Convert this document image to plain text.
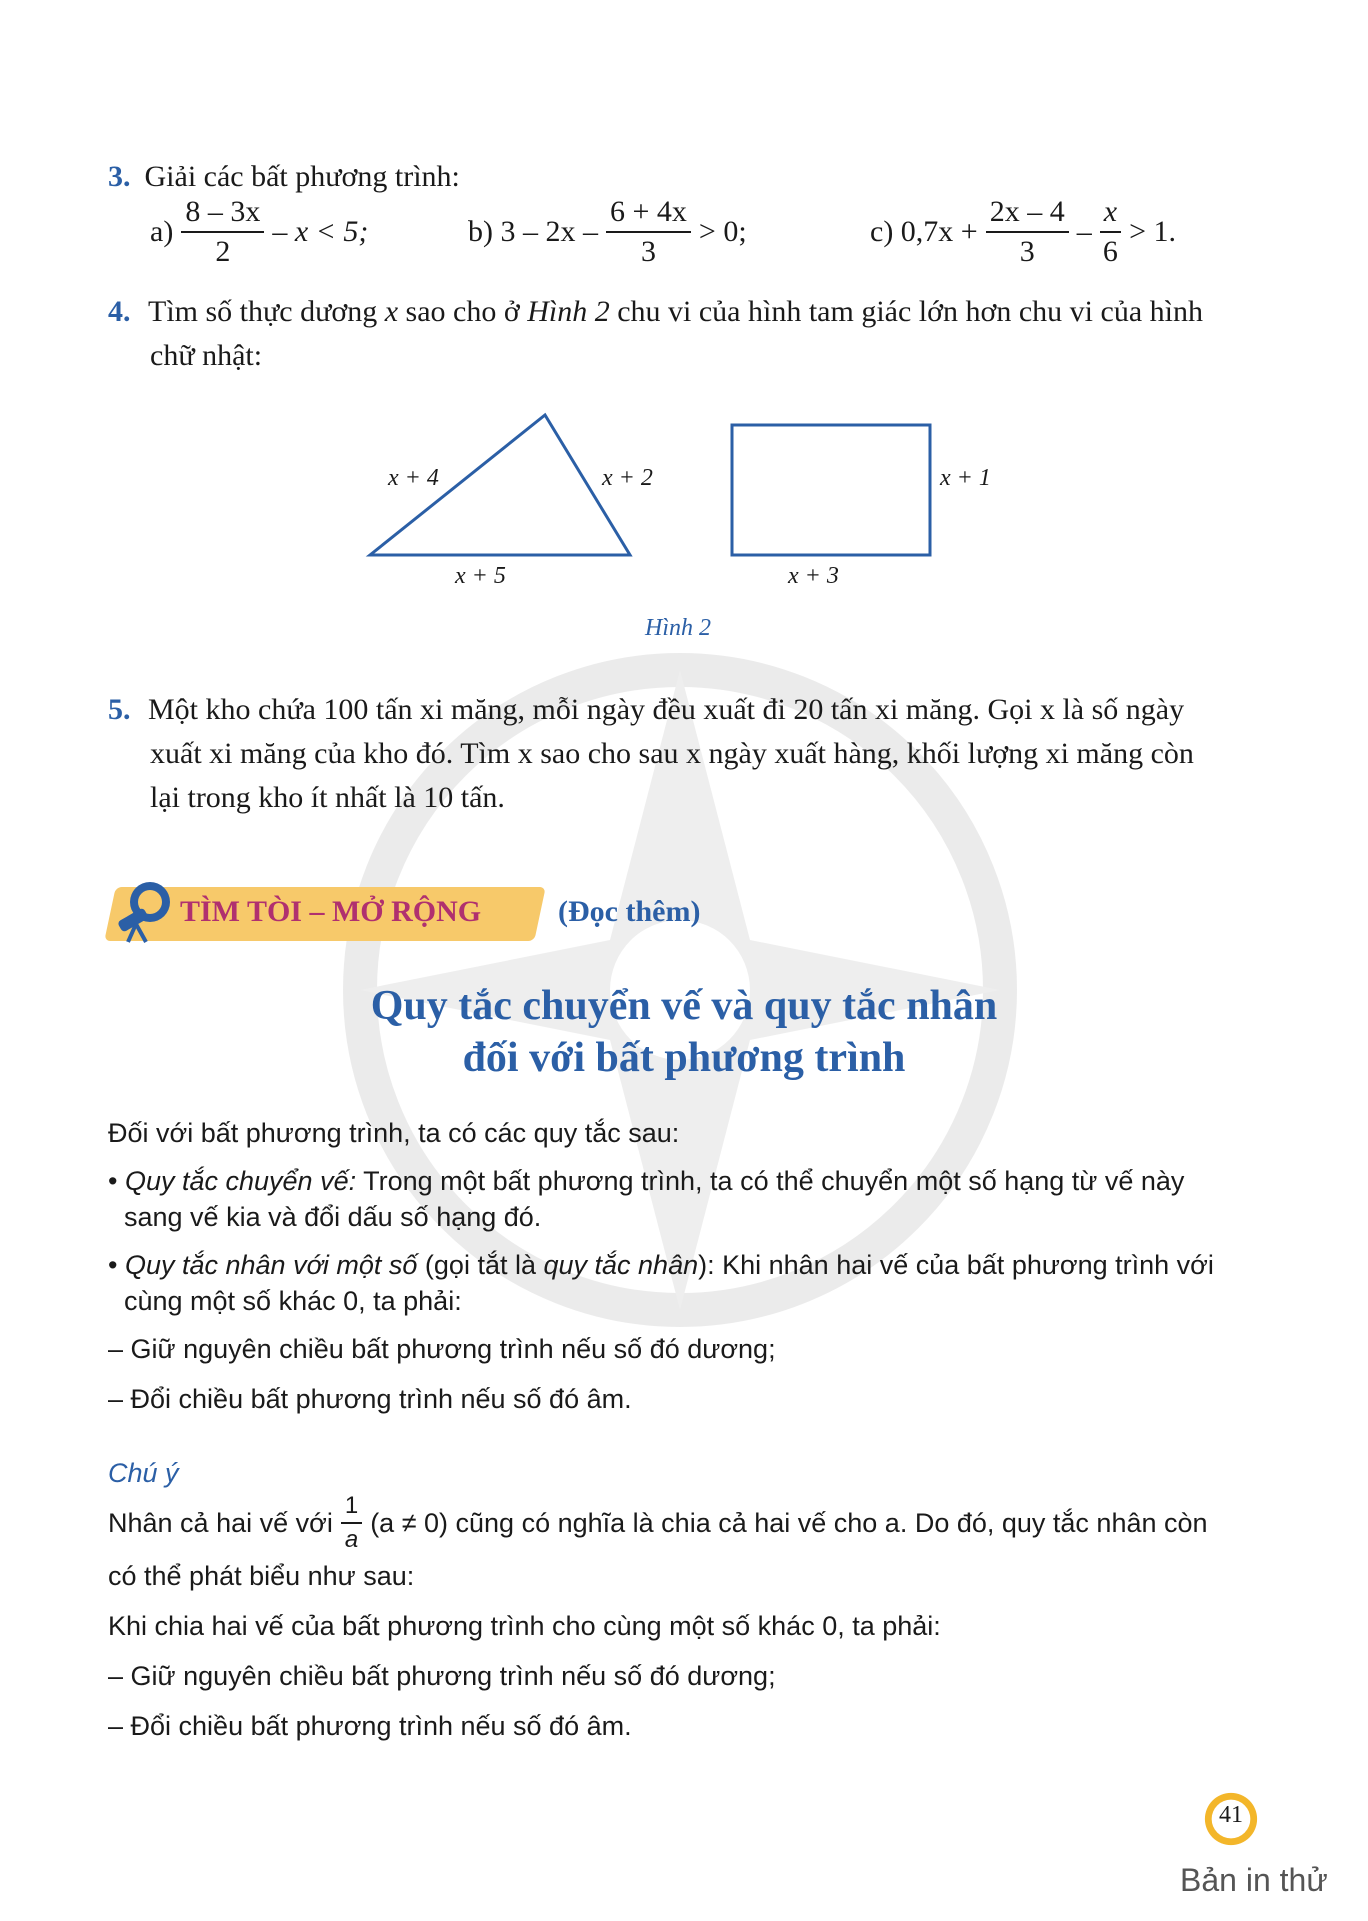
3. Giải các bất phương trình:
$a) \frac{8 - 3x}{2} - x < 5$;	b) $3 - 2x - \frac{6 + 4x}{3} > 0$;	c) $0,7x + \frac{2x - 4}{3} - \frac{x}{6} > 1$.
4. Tìm số thực dương x sao cho ở Hình 2 chu vi của hình tam giác lớn hơn chu vi của hình
chữ nhật:
x + 4	x + 2
x + 5
x + 1
x + 3
Hình 2
5. Một kho chứa 100 tấn xi măng, mỗi ngày đều xuất đi 20 tấn xi măng. Gọi x là số ngày
xuất xi măng của kho đó. Tìm x sao cho sau x ngày xuất hàng, khối lượng xi măng còn
lại trong kho ít nhất là 10 tấn.
TÌM TÒI – MỞ RỘNG	(Đọc thêm)
Quy tắc chuyển vế và quy tắc nhân
đối với bất phương trình
Đối với bất phương trình, ta có các quy tắc sau:
• Quy tắc chuyển vế: Trong một bất phương trình, ta có thể chuyển một số hạng từ vế này
sang vế kia và đổi dấu số hạng đó.
• Quy tắc nhân với một số (gọi tắt là quy tắc nhân): Khi nhân hai vế của bất phương trình với
cùng một số khác 0, ta phải:
– Giữ nguyên chiều bất phương trình nếu số đó dương;
– Đổi chiều bất phương trình nếu số đó âm.
Chú ý
Nhân cả hai vế với $\frac{1}{a} (a \ne 0)$ cũng có nghĩa là chia cả hai vế cho a. Do đó, quy tắc nhân còn
có thể phát biểu như sau:
Khi chia hai vế của bất phương trình cho cùng một số khác 0, ta phải:
– Giữ nguyên chiều bất phương trình nếu số đó dương;
– Đổi chiều bất phương trình nếu số đó âm.
41
Bản in thử
